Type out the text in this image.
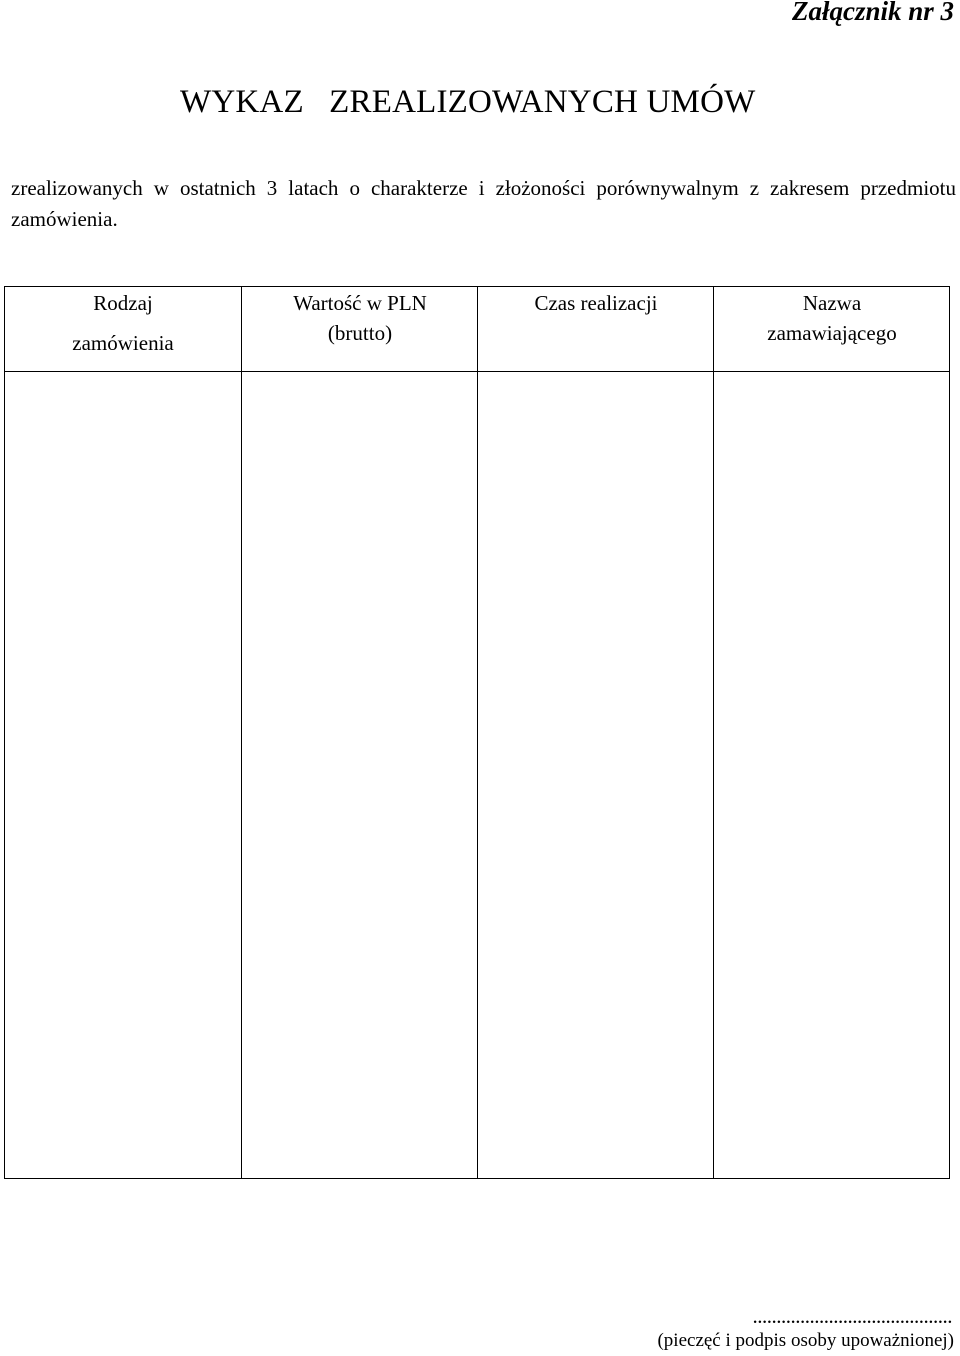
Załącznik nr 3
WYKAZ   ZREALIZOWANYCH UMÓW
zrealizowanych w ostatnich 3 latach o charakterze i złożoności porównywalnym z zakresem przedmiotu zamówienia.
Rodzaj
zamówienia
Wartość w PLN
(brutto)
Czas realizacji	Nazwa
zamawiającego
..........................................
(pieczęć i podpis osoby upoważnionej)
